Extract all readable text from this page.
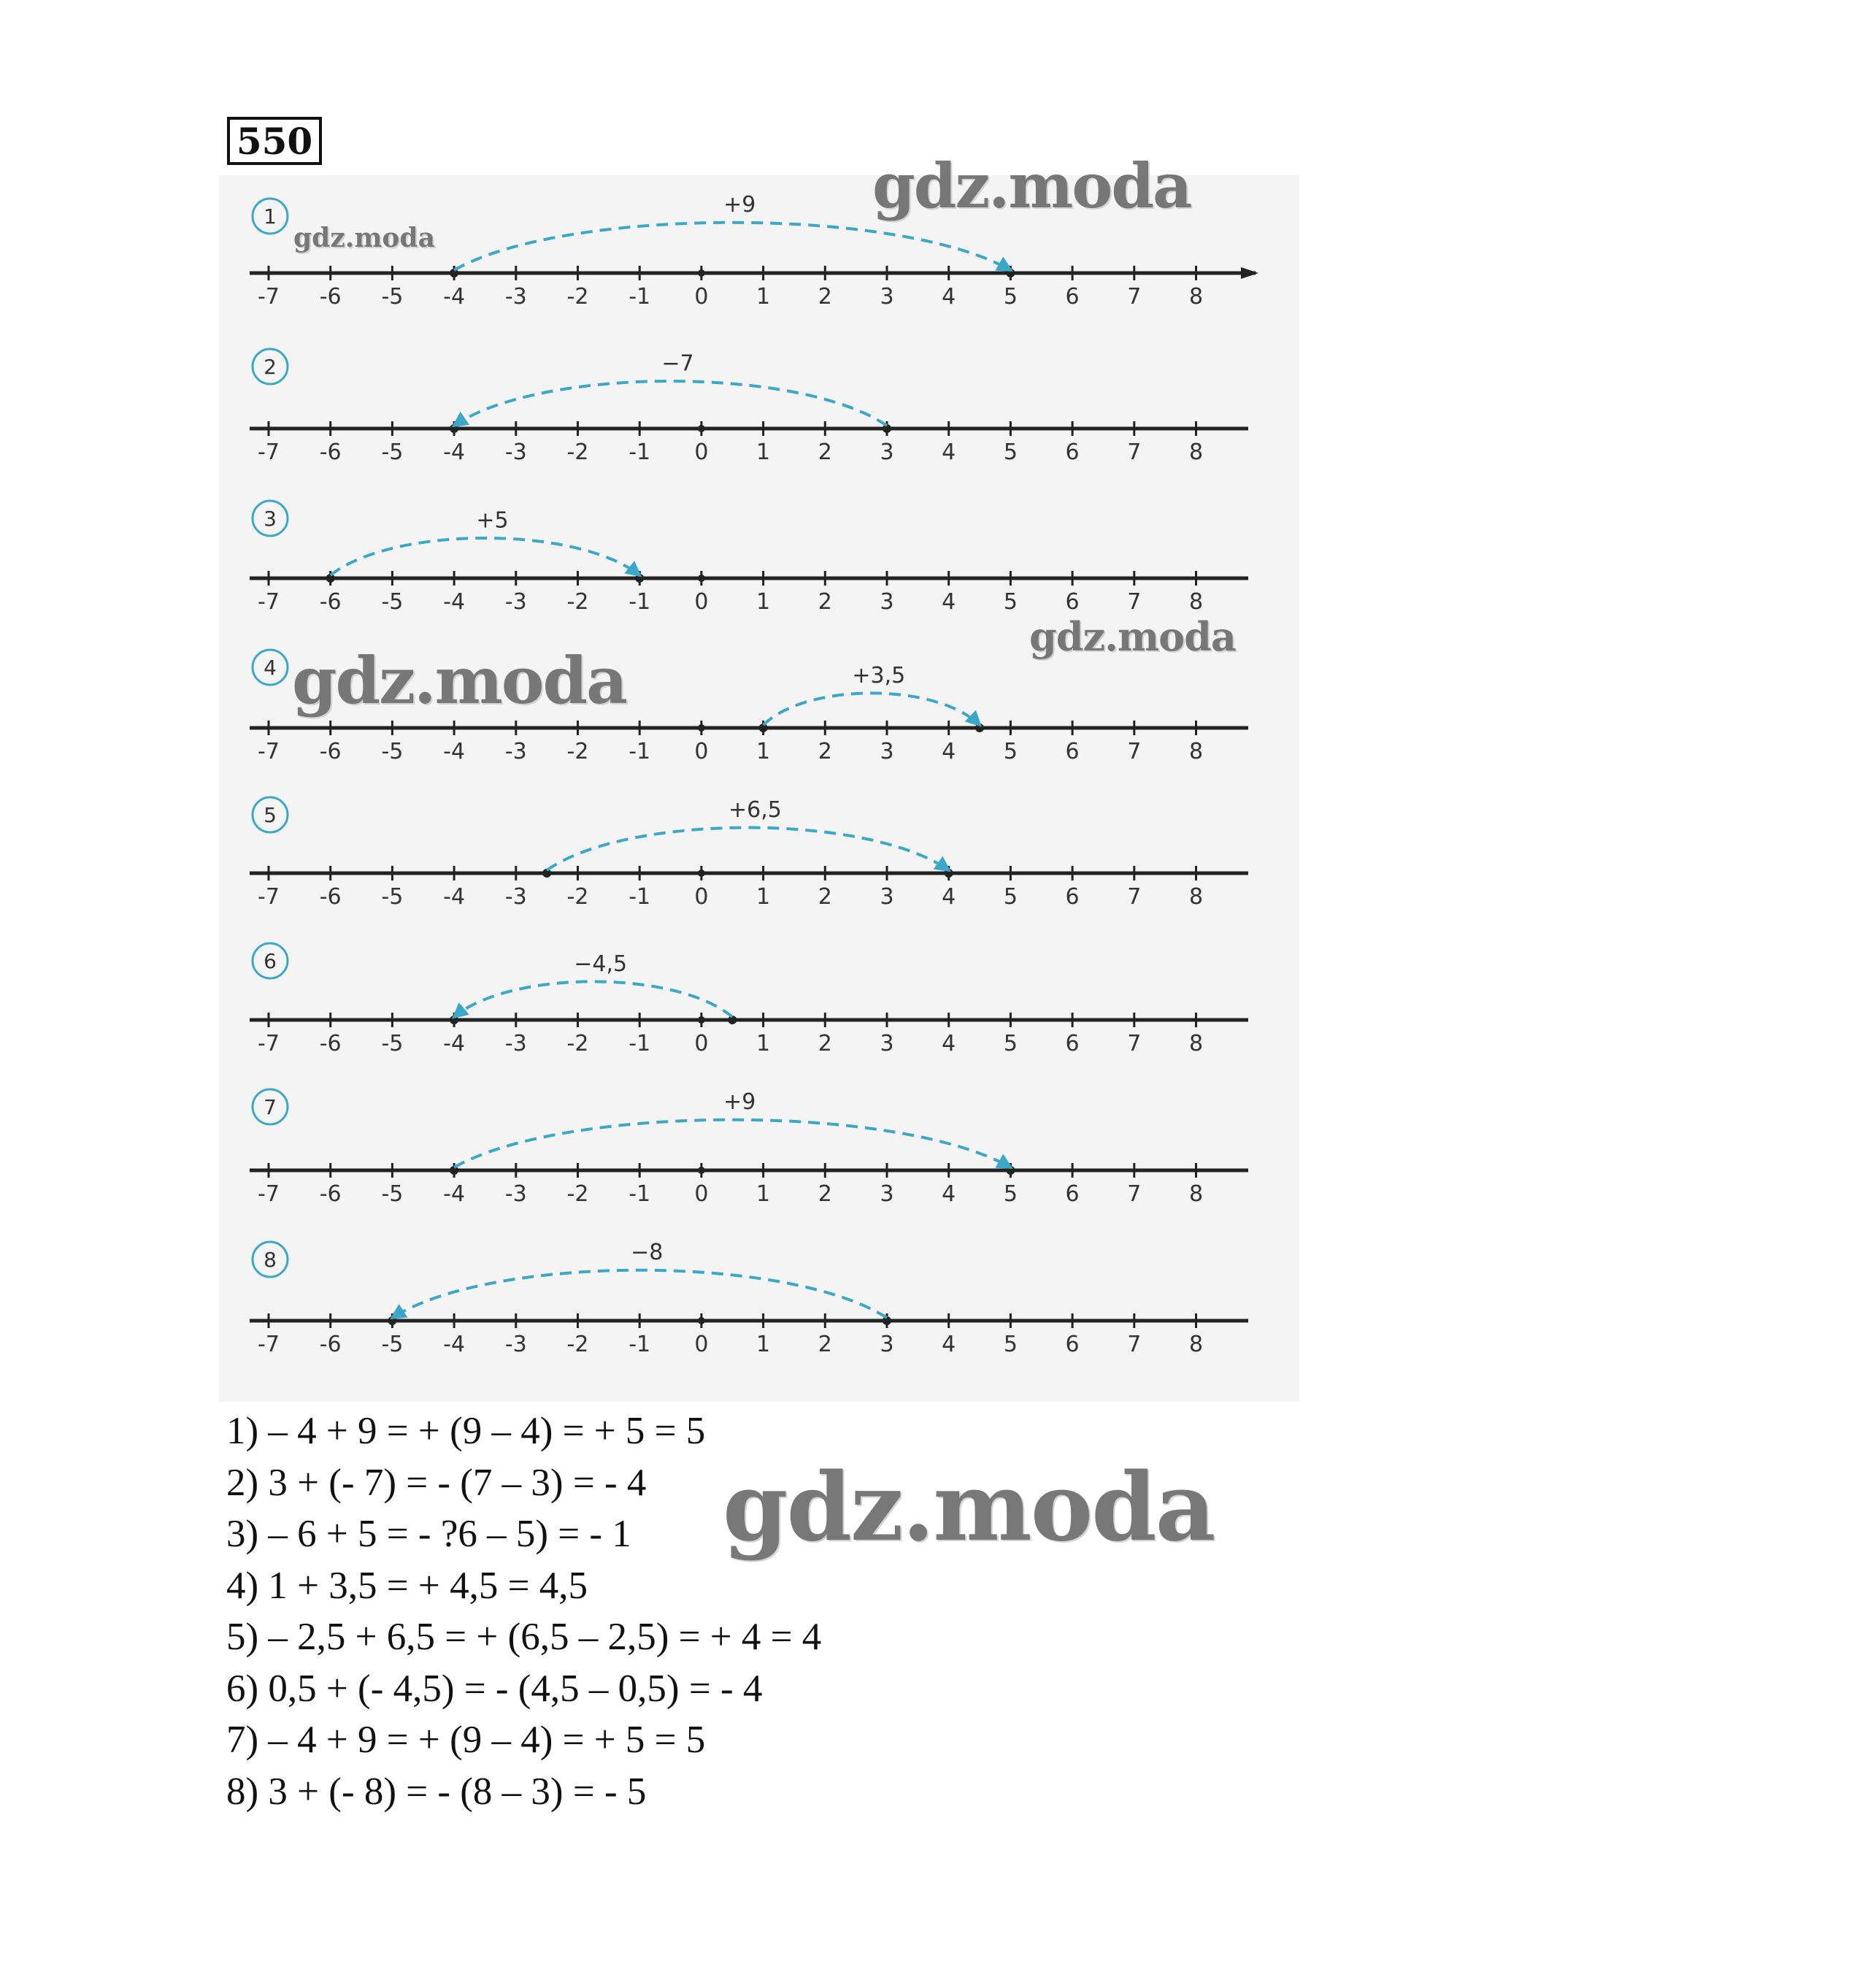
550
1
-7 -6 -5 -4 -3 -2 -1 0 1 2 3 4 5 6 7 8
+9
2
-7 -6 -5 -4 -3 -2 -1 0 1 2 3 4 5 6 7 8
−7
3
-7 -6 -5 -4 -3 -2 -1 0 1 2 3 4 5 6 7 8
+5
4
-7 -6 -5 -4 -3 -2 -1 0 1 2 3 4 5 6 7 8
+3,5
5
-7 -6 -5 -4 -3 -2 -1 0 1 2 3 4 5 6 7 8
+6,5
6
-7 -6 -5 -4 -3 -2 -1 0 1 2 3 4 5 6 7 8
−4,5
7
-7 -6 -5 -4 -3 -2 -1 0 1 2 3 4 5 6 7 8
+9
8
-7 -6 -5 -4 -3 -2 -1 0 1 2 3 4 5 6 7 8
−8
1) – 4 + 9 = + (9 – 4) = + 5 = 5
2) 3 + (- 7) = - (7 – 3) = - 4
3) – 6 + 5 = - ?6 – 5) = - 1
4) 1 + 3,5 = + 4,5 = 4,5
5) – 2,5 + 6,5 = + (6,5 – 2,5) = + 4 = 4
6) 0,5 + (- 4,5) = - (4,5 – 0,5) = - 4
7) – 4 + 9 = + (9 – 4) = + 5 = 5
8) 3 + (- 8) = - (8 – 3) = - 5
gdz.moda
gdz.moda
gdz.moda
gdz.moda
gdz.moda
